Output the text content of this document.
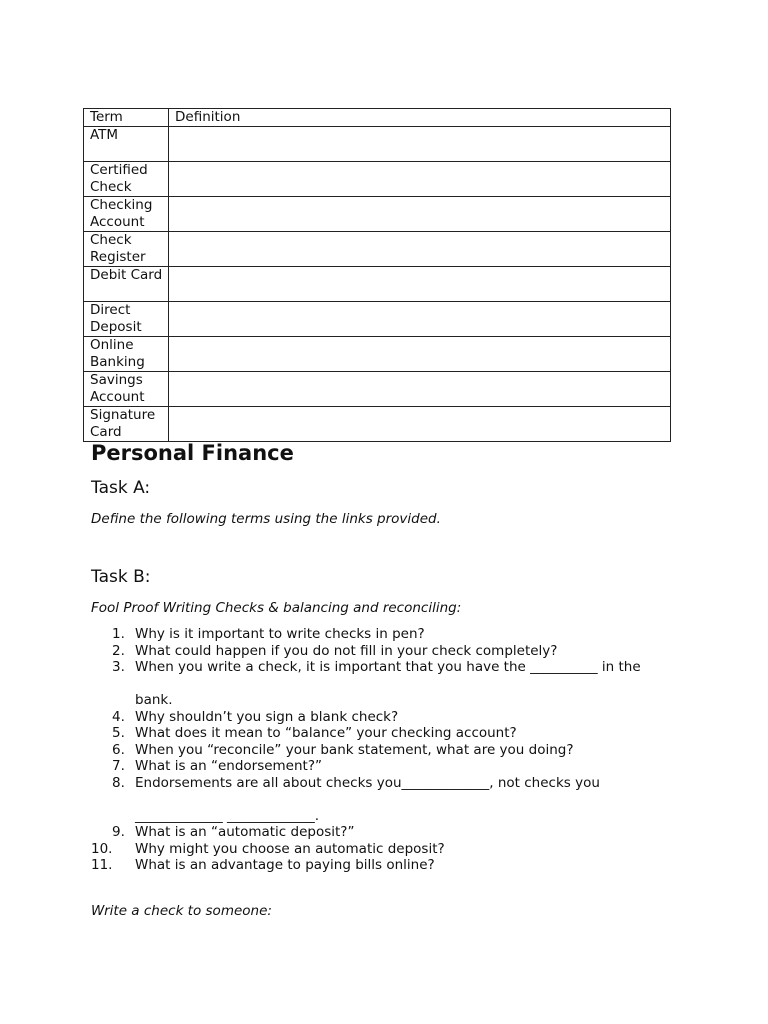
Term	Definition
ATM	
Certified Check	
Checking Account	
Check Register	
Debit Card	
Direct Deposit	
Online Banking	
Savings Account	
Signature Card	
Personal Finance
Task A:

Define the following terms using the links provided.

Task B:

Fool Proof Writing Checks & balancing and reconciling:

1. Why is it important to write checks in pen?
2. What could happen if you do not fill in your check completely?
3. When you write a check, it is important that you have the __________ in the
bank.
4. Why shouldn’t you sign a blank check?
5. What does it mean to “balance” your checking account?
6. When you “reconcile” your bank statement, what are you doing?
7. What is an “endorsement?”
8. Endorsements are all about checks you_____________, not checks you
_____________ _____________.
9. What is an “automatic deposit?”
10. Why might you choose an automatic deposit?
11. What is an advantage to paying bills online?

Write a check to someone:
